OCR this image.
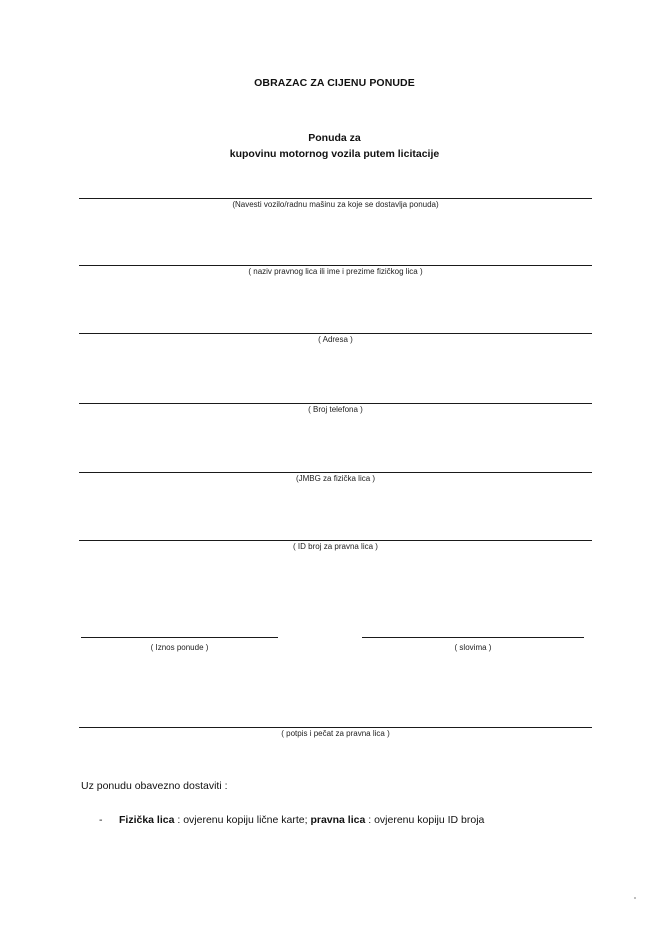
OBRAZAC ZA CIJENU PONUDE
Ponuda za
kupovinu motornog vozila putem licitacije
(Navesti vozilo/radnu mašinu za koje se dostavlja ponuda)
( naziv pravnog lica ili ime i prezime fizičkog lica )
( Adresa )
( Broj telefona )
(JMBG za fizička lica )
( ID broj za pravna lica )
( Iznos ponude )	( slovima )
( potpis i pečat za pravna lica )
Uz ponudu obavezno dostaviti :
- Fizička lica : ovjerenu kopiju lične karte; pravna lica : ovjerenu kopiju ID broja
